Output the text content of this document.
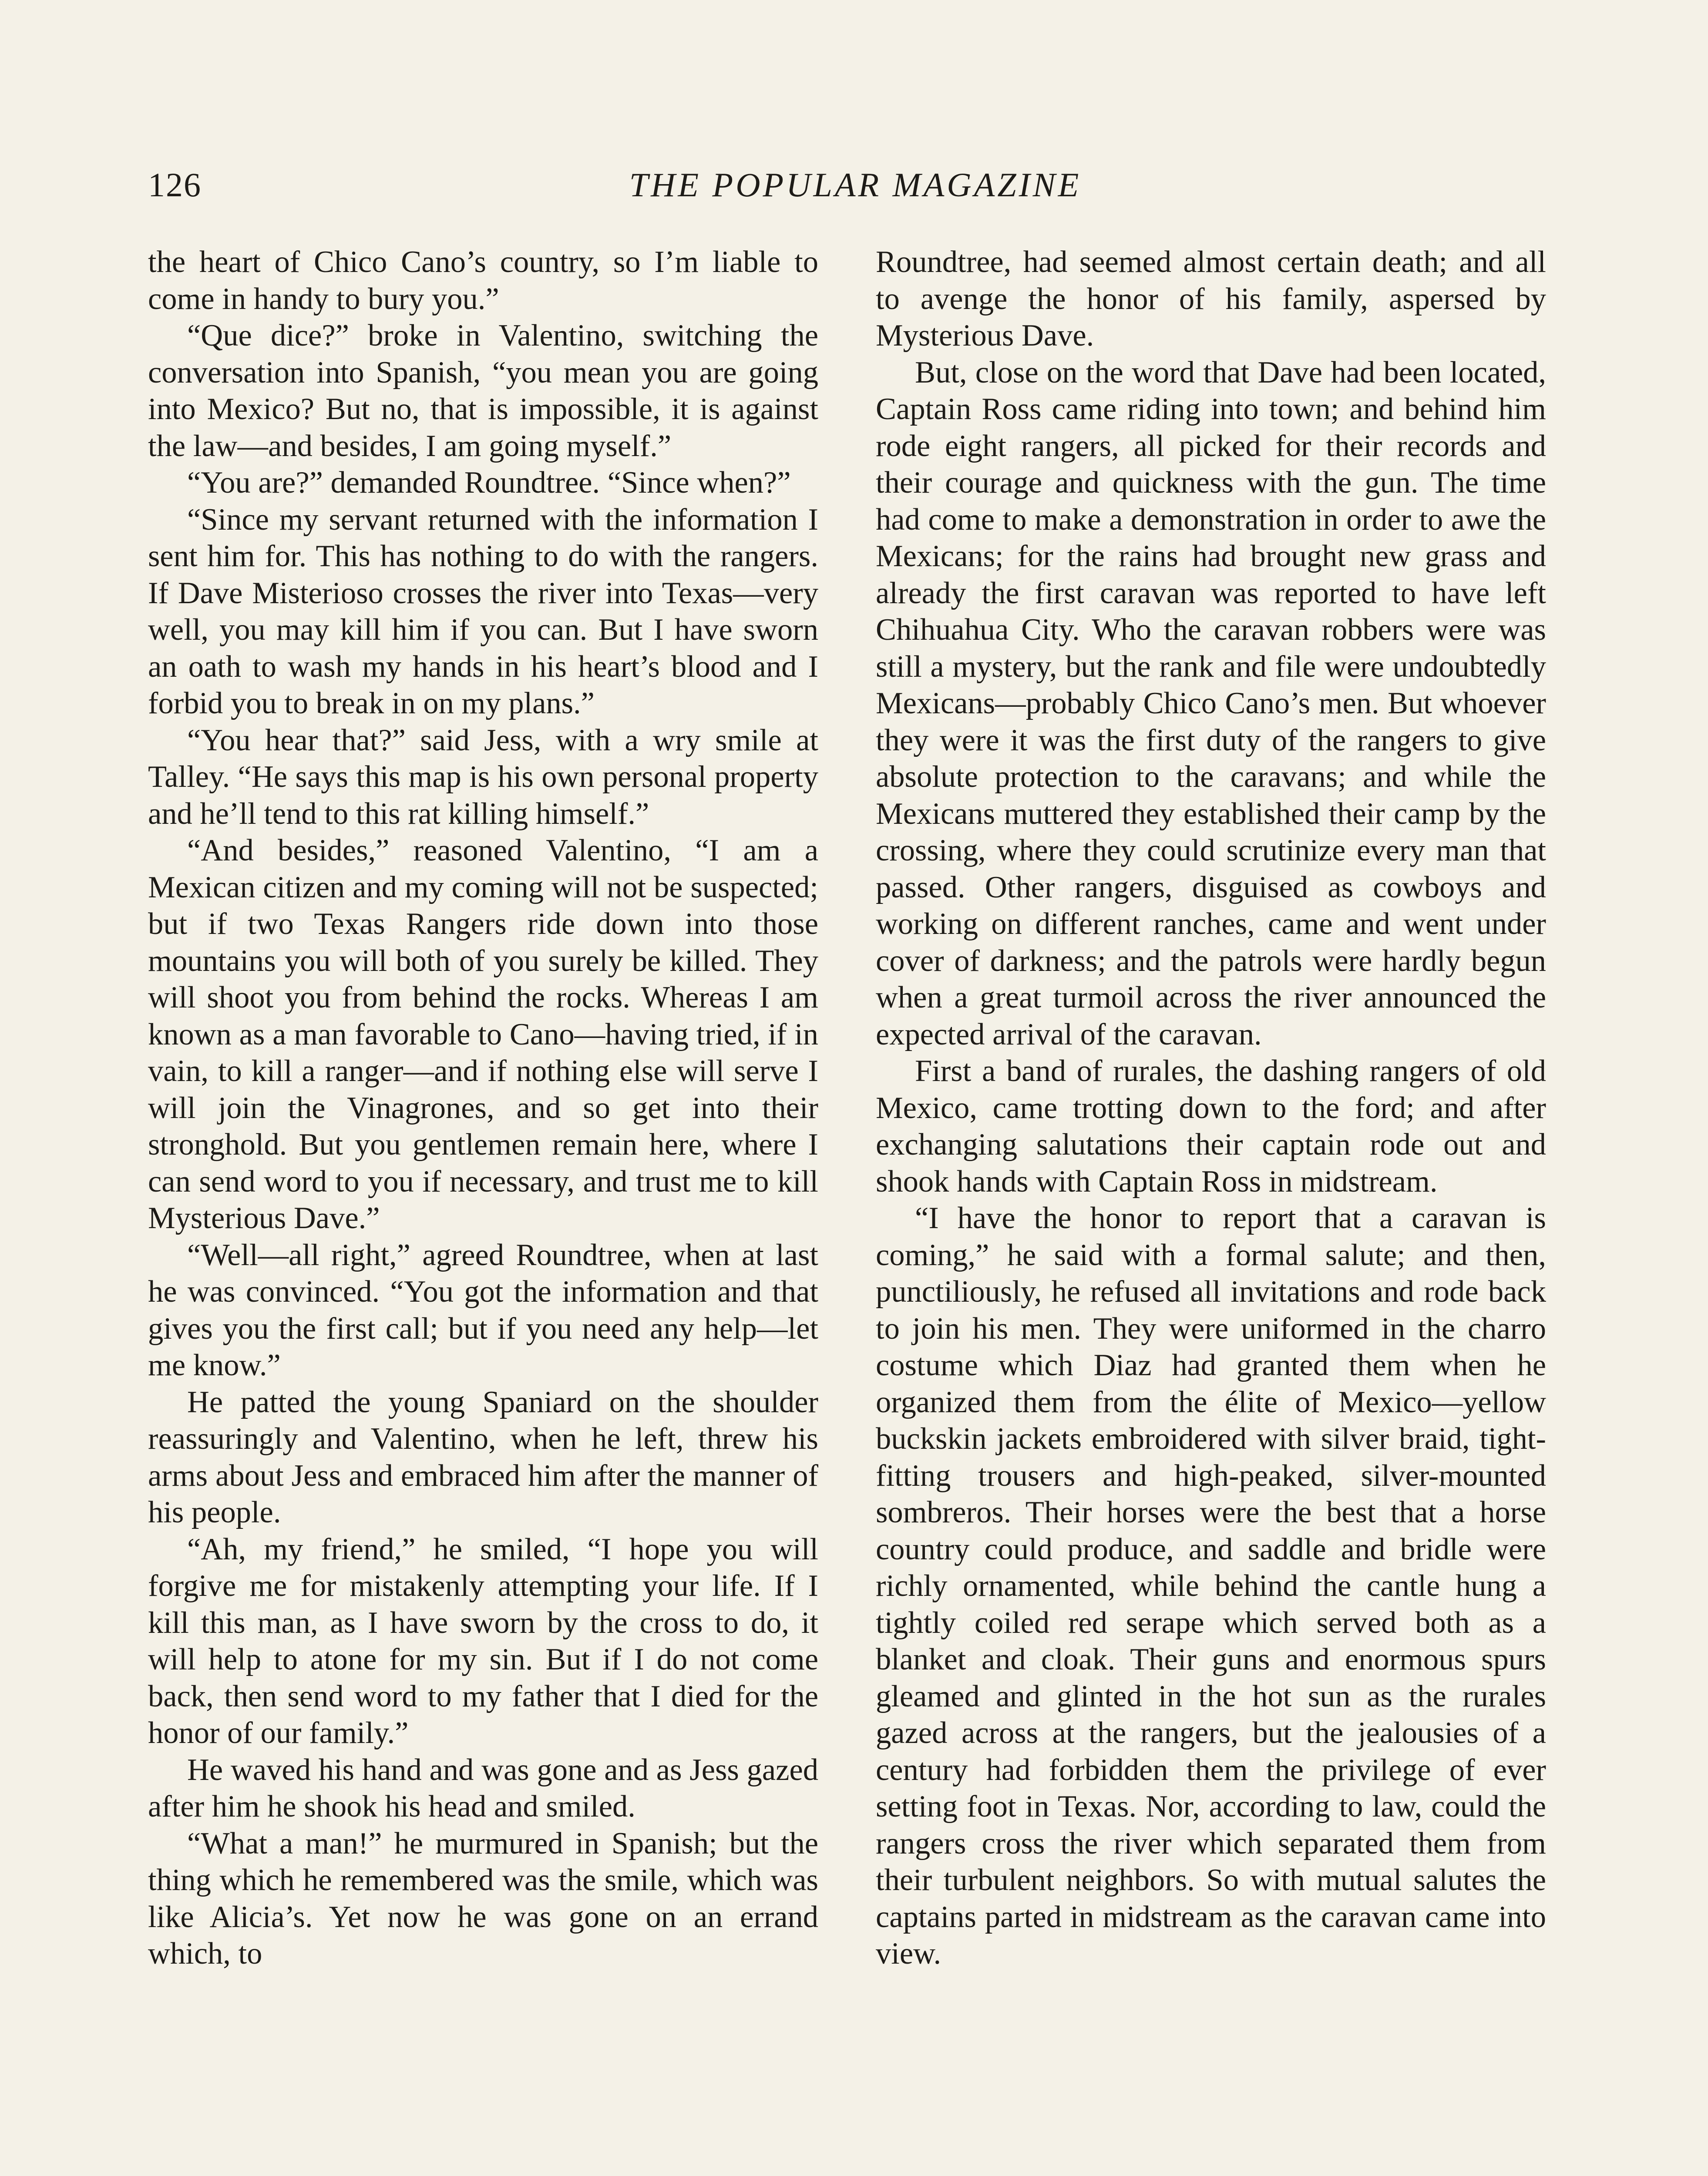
126	THE POPULAR MAGAZINE

the heart of Chico Cano’s country, so I’m liable to come in handy to bury you.”

“Que dice?” broke in Valentino, switching the conversation into Spanish, “you mean you are going into Mexico? But no, that is impossible, it is against the law—and besides, I am going myself.”

“You are?” demanded Roundtree. “Since when?”

“Since my servant returned with the information I sent him for. This has nothing to do with the rangers. If Dave Misterioso crosses the river into Texas—very well, you may kill him if you can. But I have sworn an oath to wash my hands in his heart’s blood and I forbid you to break in on my plans.”

“You hear that?” said Jess, with a wry smile at Talley. “He says this map is his own personal property and he’ll tend to this rat killing himself.”

“And besides,” reasoned Valentino, “I am a Mexican citizen and my coming will not be suspected; but if two Texas Rangers ride down into those mountains you will both of you surely be killed. They will shoot you from behind the rocks. Whereas I am known as a man favorable to Cano—having tried, if in vain, to kill a ranger—and if nothing else will serve I will join the Vinagrones, and so get into their stronghold. But you gentlemen remain here, where I can send word to you if necessary, and trust me to kill Mysterious Dave.”

“Well—all right,” agreed Roundtree, when at last he was convinced. “You got the information and that gives you the first call; but if you need any help—let me know.”

He patted the young Spaniard on the shoulder reassuringly and Valentino, when he left, threw his arms about Jess and embraced him after the manner of his people.

“Ah, my friend,” he smiled, “I hope you will forgive me for mistakenly attempting your life. If I kill this man, as I have sworn by the cross to do, it will help to atone for my sin. But if I do not come back, then send word to my father that I died for the honor of our family.”

He waved his hand and was gone and as Jess gazed after him he shook his head and smiled.

“What a man!” he murmured in Spanish; but the thing which he remembered was the smile, which was like Alicia’s. Yet now he was gone on an errand which, to

Roundtree, had seemed almost certain death; and all to avenge the honor of his family, aspersed by Mysterious Dave.

But, close on the word that Dave had been located, Captain Ross came riding into town; and behind him rode eight rangers, all picked for their records and their courage and quickness with the gun. The time had come to make a demonstration in order to awe the Mexicans; for the rains had brought new grass and already the first caravan was reported to have left Chihuahua City. Who the caravan robbers were was still a mystery, but the rank and file were undoubtedly Mexicans—probably Chico Cano’s men. But whoever they were it was the first duty of the rangers to give absolute protection to the caravans; and while the Mexicans muttered they established their camp by the crossing, where they could scrutinize every man that passed. Other rangers, disguised as cowboys and working on different ranches, came and went under cover of darkness; and the patrols were hardly begun when a great turmoil across the river announced the expected arrival of the caravan.

First a band of rurales, the dashing rangers of old Mexico, came trotting down to the ford; and after exchanging salutations their captain rode out and shook hands with Captain Ross in midstream.

“I have the honor to report that a caravan is coming,” he said with a formal salute; and then, punctiliously, he refused all invitations and rode back to join his men. They were uniformed in the charro costume which Diaz had granted them when he organized them from the élite of Mexico—yellow buckskin jackets embroidered with silver braid, tight-fitting trousers and high-peaked, silver-mounted sombreros. Their horses were the best that a horse country could produce, and saddle and bridle were richly ornamented, while behind the cantle hung a tightly coiled red serape which served both as a blanket and cloak. Their guns and enormous spurs gleamed and glinted in the hot sun as the rurales gazed across at the rangers, but the jealousies of a century had forbidden them the privilege of ever setting foot in Texas. Nor, according to law, could the rangers cross the river which separated them from their turbulent neighbors. So with mutual salutes the captains parted in midstream as the caravan came into view.
